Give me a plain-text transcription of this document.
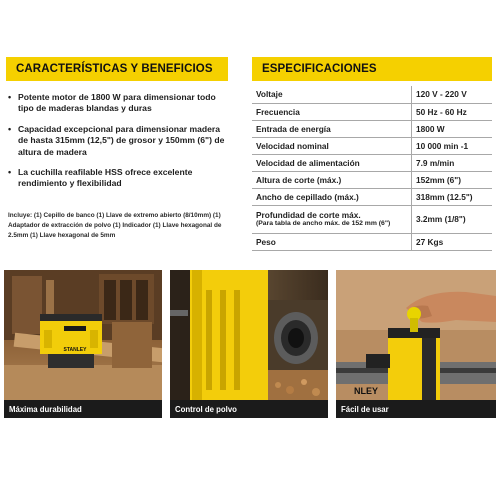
CARACTERÍSTICAS Y BENEFICIOS	ESPECIFICACIONES
• Potente motor de 1800 W para dimensionar todo tipo de maderas blandas y duras
• Capacidad excepcional para dimensionar madera de hasta 315mm (12,5") de grosor y 150mm (6") de altura de madera
• La cuchilla reafilable HSS ofrece excelente rendimiento y flexibilidad
Incluye: (1) Cepillo de banco (1) Llave de extremo abierto (8/10mm) (1) Adaptador de extracción de polvo (1) Indicador (1) Llave hexagonal de 2.5mm (1) Llave hexagonal de 5mm
Voltaje	120 V - 220 V
Frecuencia	50 Hz - 60 Hz
Entrada de energía	1800 W
Velocidad nominal	10 000 min -1
Velocidad de alimentación	7.9 m/min
Altura de corte (máx.)	152mm (6")
Ancho de cepillado (máx.)	318mm (12.5")

Profundidad de corte máx.
(Para tabla de ancho máx. de 152 mm (6")	3.2mm (1/8")
Peso	27 Kgs
STANLEY
Máxima durabilidad	Control de polvo
NLEY
Fácil de usar
